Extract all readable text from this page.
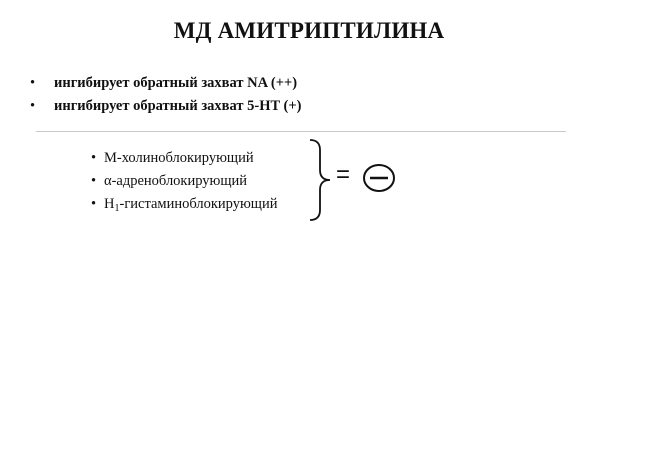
МД АМИТРИПТИЛИНА
• ингибирует обратный захват NA (++)
• ингибирует обратный захват 5-HT (+)
• М-холиноблокирующий
• α-адреноблокирующий
• $Н_1$-гистаминоблокирующий
=
